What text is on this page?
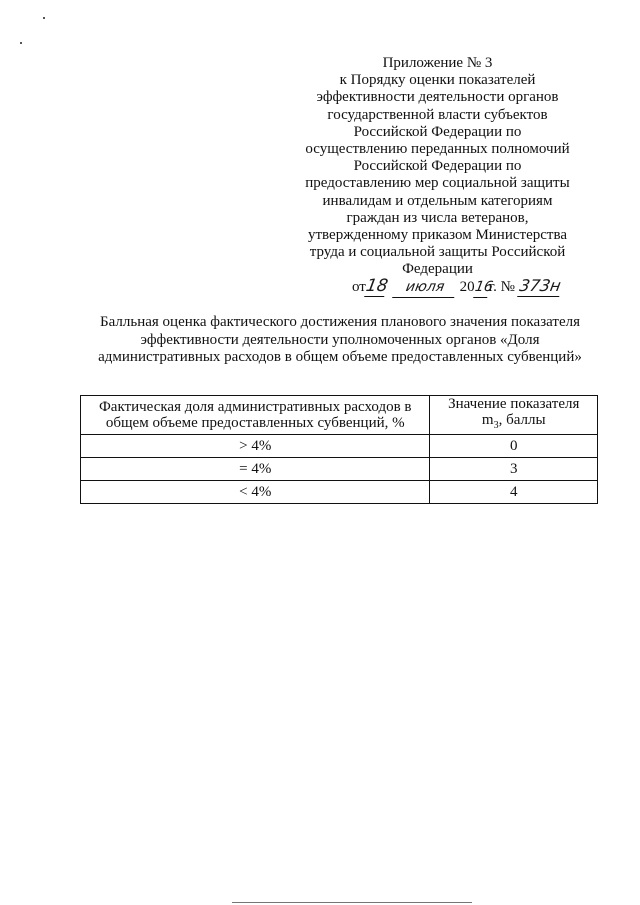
Приложение № 3
к Порядку оценки показателей
эффективности деятельности органов
государственной власти субъектов
Российской Федерации по
осуществлению переданных полномочий
Российской Федерации по
предоставлению мер социальной защиты
инвалидам и отдельным категориям
граждан из числа ветеранов,
утвержденному приказом Министерства
труда и социальной защиты Российской
Федерации
от18 июля 2016г. № 373н
Балльная оценка фактического достижения планового значения показателя
эффективности деятельности уполномоченных органов «Доля
административных расходов в общем объеме предоставленных субвенций»
Фактическая доля административных расходов в
общем объеме предоставленных субвенций, %	Значение показателя
$m_3$, баллы

> 4%	0
= 4%	3
< 4%	4
